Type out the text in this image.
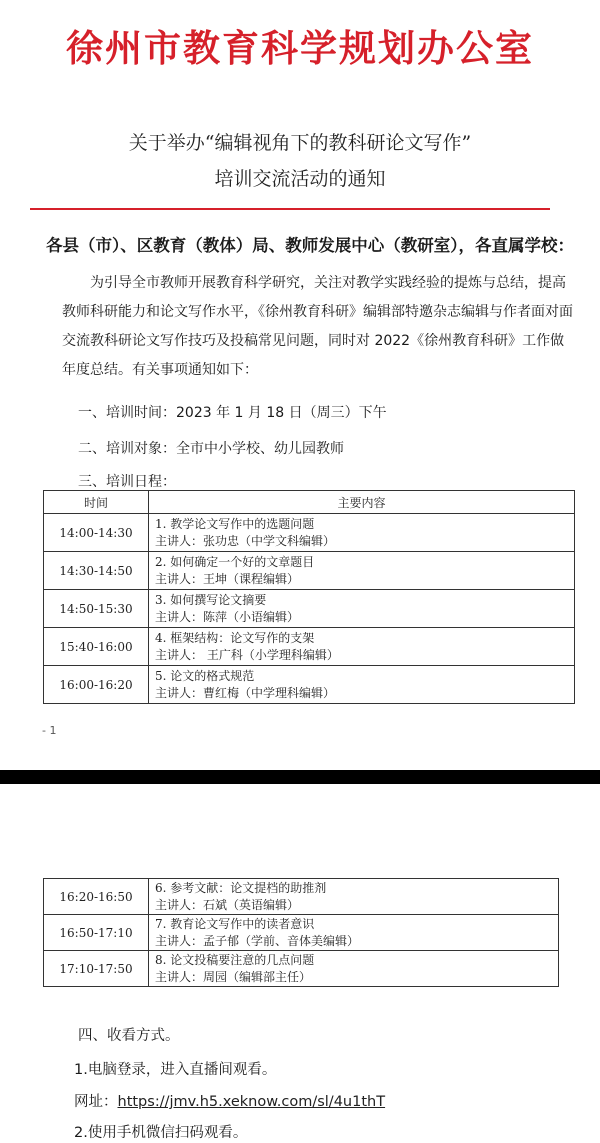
徐州市教育科学规划办公室
关于举办“编辑视角下的教科研论文写作”
培训交流活动的通知
各县（市）、区教育（教体）局、教师发展中心（教研室），各直属学校：
为引导全市教师开展教育科学研究，关注对教学实践经验的提炼与总结，提高
教师科研能力和论文写作水平，《徐州教育科研》编辑部特邀杂志编辑与作者面对面
交流教科研论文写作技巧及投稿常见问题，同时对 2022《徐州教育科研》工作做
年度总结。有关事项通知如下：
一、培训时间：2023 年 1 月 18 日（周三）下午
二、培训对象：全市中小学校、幼儿园教师
三、培训日程：
时间	主要内容
14:00-14:30	1. 教学论文写作中的选题问题
主讲人：张功忠（中学文科编辑）

14:30-14:50	2. 如何确定一个好的文章题目
主讲人：王坤（课程编辑）

14:50-15:30	3. 如何撰写论文摘要
主讲人：陈萍（小语编辑）

15:40-16:00	4. 框架结构：论文写作的支架
主讲人： 王广科（小学理科编辑）

16:00-16:20	5. 论文的格式规范
主讲人：曹红梅（中学理科编辑）
- 1
16:20-16:50	6. 参考文献：论文提档的助推剂
主讲人：石斌（英语编辑）

16:50-17:10	7. 教育论文写作中的读者意识
主讲人：孟子郁（学前、音体美编辑）

17:10-17:50	8. 论文投稿要注意的几点问题
主讲人：周园（编辑部主任）
四、收看方式。
1.电脑登录，进入直播间观看。
网址：https://jmv.h5.xeknow.com/sl/4u1thT
2.使用手机微信扫码观看。
